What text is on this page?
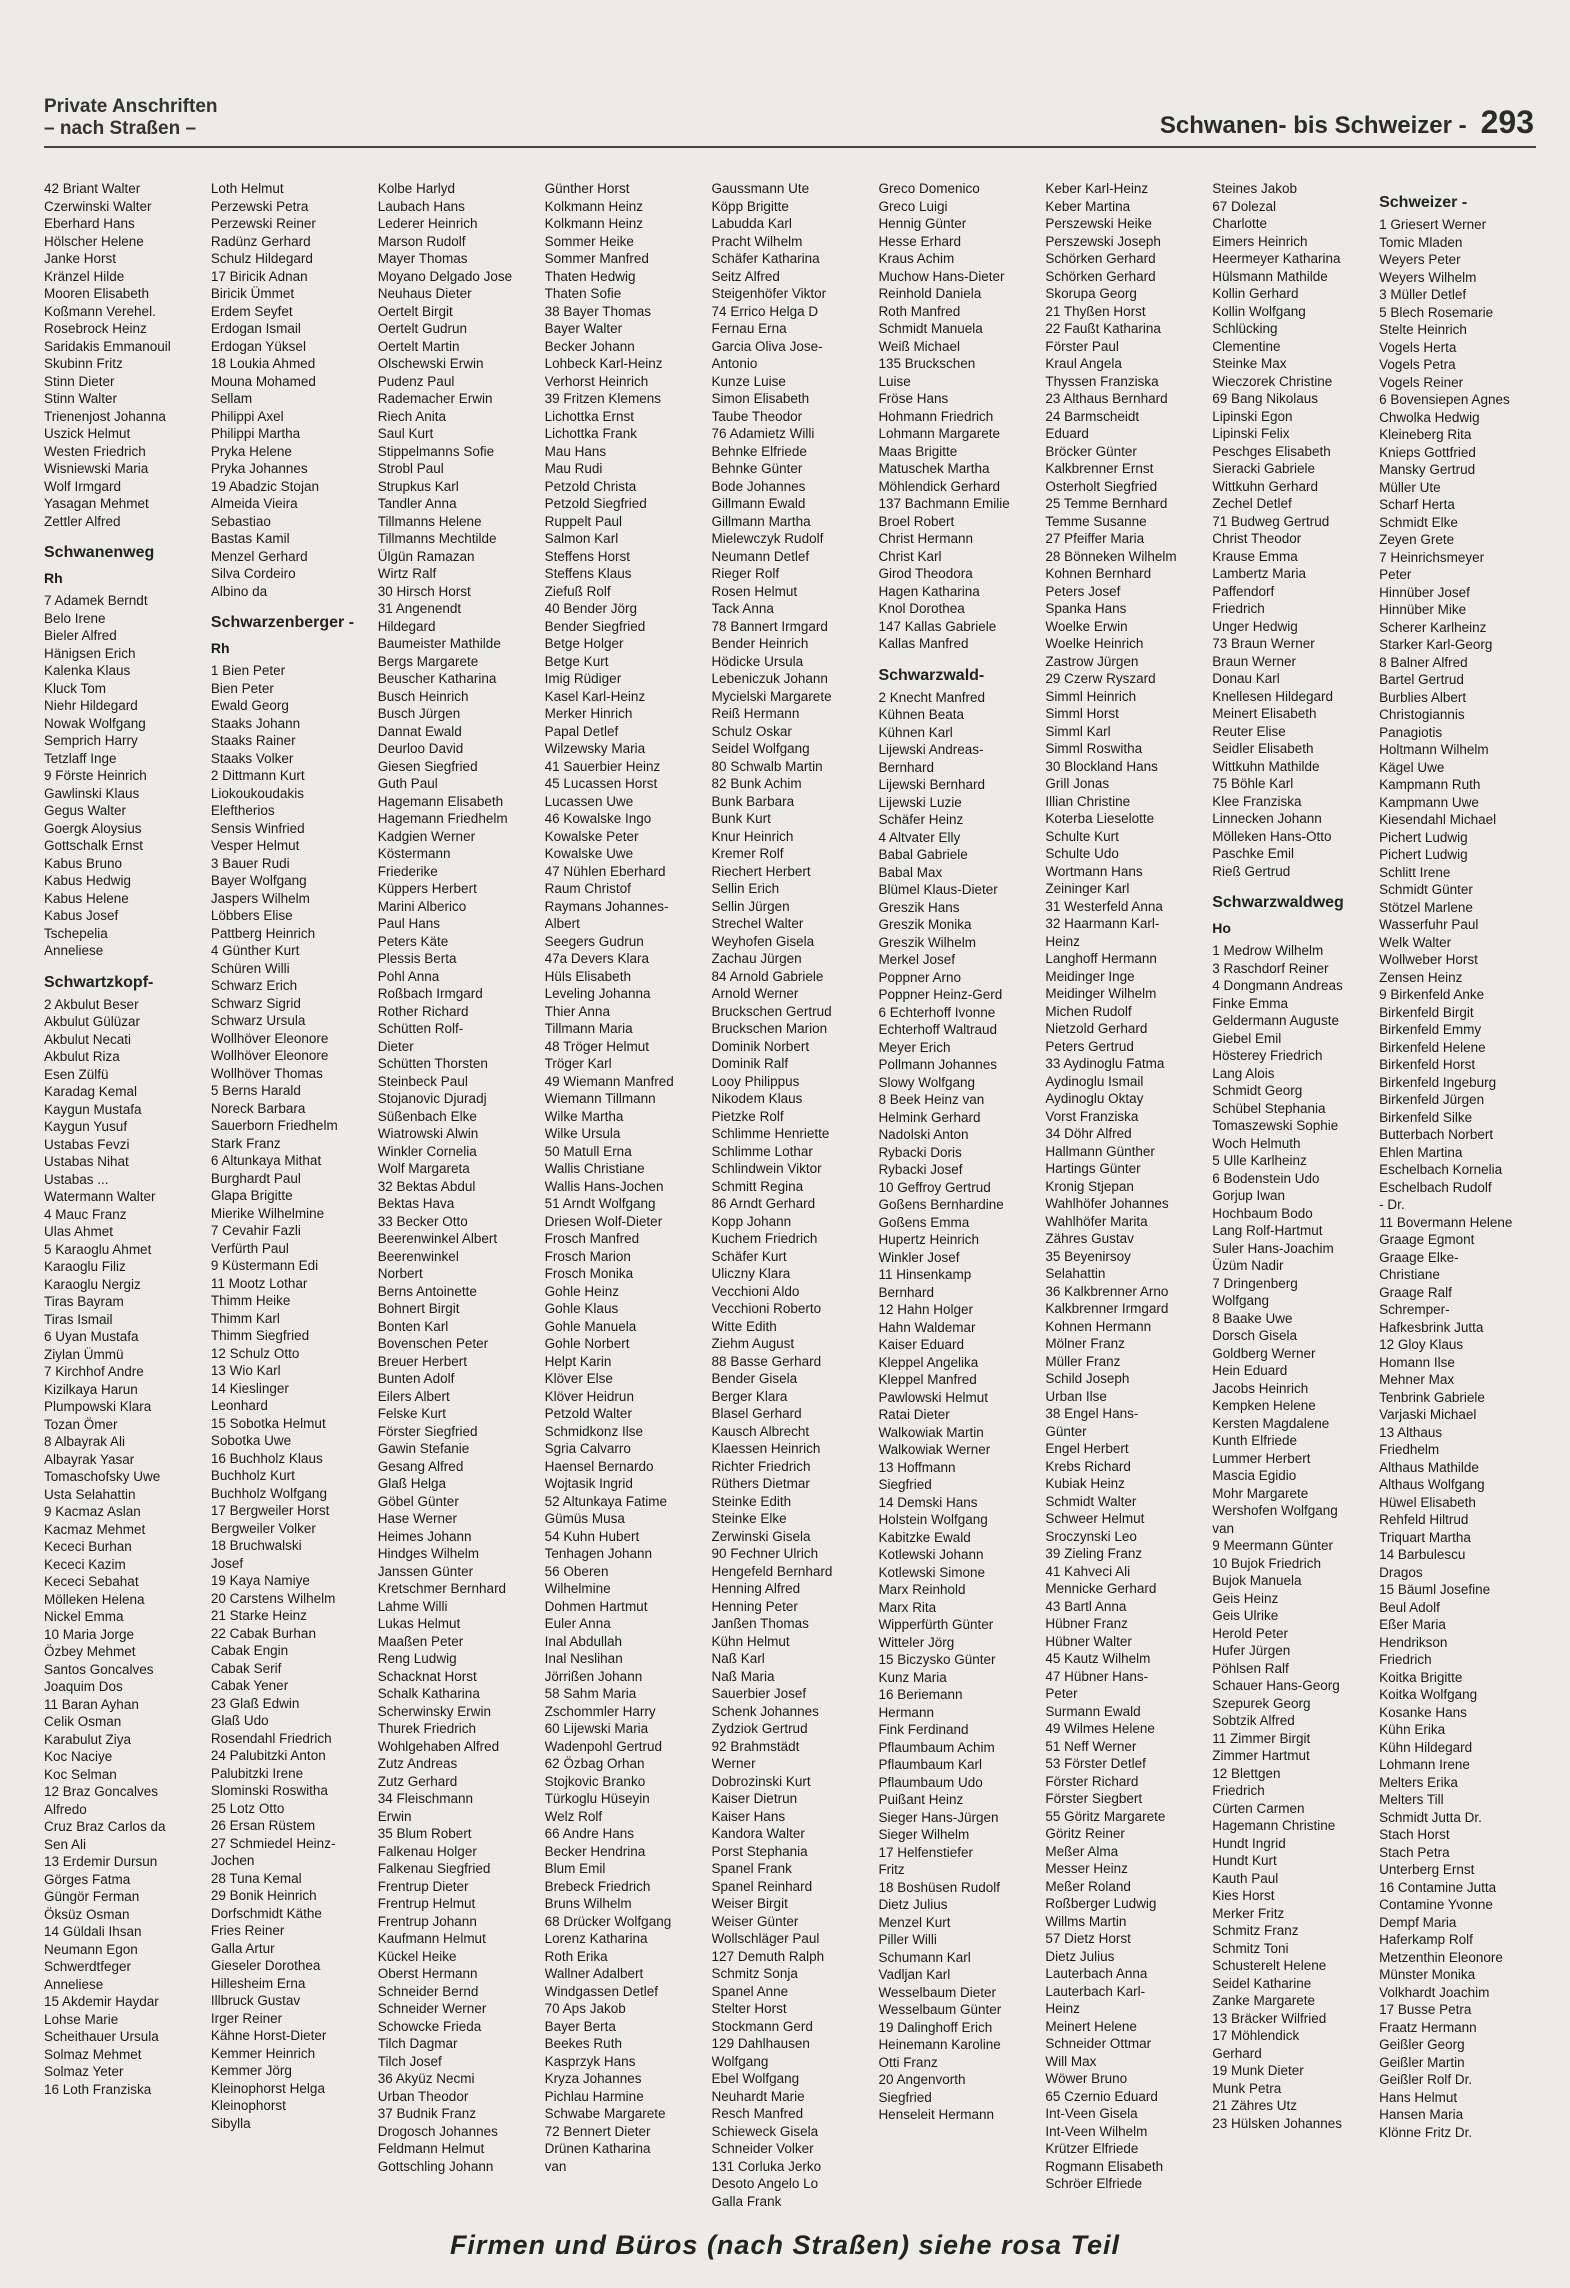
Private Anschriften
– nach Straßen –	Schwanen- bis Schweizer - 293
42 Briant Walter
Czerwinski Walter
Eberhard Hans
Hölscher Helene
Janke Horst
Kränzel Hilde
Mooren Elisabeth
Koßmann Verehel.
Rosebrock Heinz
Saridakis Emmanouil
Skubinn Fritz
Stinn Dieter
Stinn Walter
Trienenjost Johanna
Uszick Helmut
Westen Friedrich
Wisniewski Maria
Wolf Irmgard
Yasagan Mehmet
Zettler Alfred
Schwanenweg
Rh
7 Adamek Berndt
Belo Irene
Bieler Alfred
Hänigsen Erich
Kalenka Klaus
Kluck Tom
Niehr Hildegard
Nowak Wolfgang
Semprich Harry
Tetzlaff Inge
9 Förste Heinrich
Gawlinski Klaus
Gegus Walter
Goergk Aloysius
Gottschalk Ernst
Kabus Bruno
Kabus Hedwig
Kabus Helene
Kabus Josef
Tschepelia
Anneliese
Schwartzkopf-
2 Akbulut Beser
Akbulut Gülüzar
Akbulut Necati
Akbulut Riza
Esen Zülfü
Karadag Kemal
Kaygun Mustafa
Kaygun Yusuf
Ustabas Fevzi
Ustabas Nihat
Ustabas ...
Watermann Walter
4 Mauc Franz
Ulas Ahmet
5 Karaoglu Ahmet
Karaoglu Filiz
Karaoglu Nergiz
Tiras Bayram
Tiras Ismail
6 Uyan Mustafa
Ziylan Ümmü
7 Kirchhof Andre
Kizilkaya Harun
Plumpowski Klara
Tozan Ömer
8 Albayrak Ali
Albayrak Yasar
Tomaschofsky Uwe
Usta Selahattin
9 Kacmaz Aslan
Kacmaz Mehmet
Kececi Burhan
Kececi Kazim
Kececi Sebahat
Mölleken Helena
Nickel Emma
10 Maria Jorge
Özbey Mehmet
Santos Goncalves
Joaquim Dos
11 Baran Ayhan
Celik Osman
Karabulut Ziya
Koc Naciye
Koc Selman
12 Braz Goncalves
Alfredo
Cruz Braz Carlos da
Sen Ali
13 Erdemir Dursun
Görges Fatma
Güngör Ferman
Öksüz Osman
14 Güldali Ihsan
Neumann Egon
Schwerdtfeger
Anneliese
15 Akdemir Haydar
Lohse Marie
Scheithauer Ursula
Solmaz Mehmet
Solmaz Yeter
16 Loth Franziska
Loth Helmut
Perzewski Petra
Perzewski Reiner
Radünz Gerhard
Schulz Hildegard
17 Biricik Adnan
Biricik Ümmet
Erdem Seyfet
Erdogan Ismail
Erdogan Yüksel
18 Loukia Ahmed
Mouna Mohamed
Sellam
Philippi Axel
Philippi Martha
Pryka Helene
Pryka Johannes
19 Abadzic Stojan
Almeida Vieira
Sebastiao
Bastas Kamil
Menzel Gerhard
Silva Cordeiro
Albino da
Schwarzenberger -
Rh
1 Bien Peter
Bien Peter
Ewald Georg
Staaks Johann
Staaks Rainer
Staaks Volker
2 Dittmann Kurt
Liokoukoudakis
Eleftherios
Sensis Winfried
Vesper Helmut
3 Bauer Rudi
Bayer Wolfgang
Jaspers Wilhelm
Löbbers Elise
Pattberg Heinrich
4 Günther Kurt
Schüren Willi
Schwarz Erich
Schwarz Sigrid
Schwarz Ursula
Wollhöver Eleonore
Wollhöver Eleonore
Wollhöver Thomas
5 Berns Harald
Noreck Barbara
Sauerborn Friedhelm
Stark Franz
6 Altunkaya Mithat
Burghardt Paul
Glapa Brigitte
Mierike Wilhelmine
7 Cevahir Fazli
Verfürth Paul
9 Küstermann Edi
11 Mootz Lothar
Thimm Heike
Thimm Karl
Thimm Siegfried
12 Schulz Otto
13 Wio Karl
14 Kieslinger
Leonhard
15 Sobotka Helmut
Sobotka Uwe
16 Buchholz Klaus
Buchholz Kurt
Buchholz Wolfgang
17 Bergweiler Horst
Bergweiler Volker
18 Bruchwalski
Josef
19 Kaya Namiye
20 Carstens Wilhelm
21 Starke Heinz
22 Cabak Burhan
Cabak Engin
Cabak Serif
Cabak Yener
23 Glaß Edwin
Glaß Udo
Rosendahl Friedrich
24 Palubitzki Anton
Palubitzki Irene
Slominski Roswitha
25 Lotz Otto
26 Ersan Rüstem
27 Schmiedel Heinz-
Jochen
28 Tuna Kemal
29 Bonik Heinrich
Dorfschmidt Käthe
Fries Reiner
Galla Artur
Gieseler Dorothea
Hillesheim Erna
Illbruck Gustav
Irger Reiner
Kähne Horst-Dieter
Kemmer Heinrich
Kemmer Jörg
Kleinophorst Helga
Kleinophorst
Sibylla
Kolbe Harlyd
Laubach Hans
Lederer Heinrich
Marson Rudolf
Mayer Thomas
Moyano Delgado Jose
Neuhaus Dieter
Oertelt Birgit
Oertelt Gudrun
Oertelt Martin
Olschewski Erwin
Pudenz Paul
Rademacher Erwin
Riech Anita
Saul Kurt
Stippelmanns Sofie
Strobl Paul
Strupkus Karl
Tandler Anna
Tillmanns Helene
Tillmanns Mechtilde
Ülgün Ramazan
Wirtz Ralf
30 Hirsch Horst
31 Angenendt
Hildegard
Baumeister Mathilde
Bergs Margarete
Beuscher Katharina
Busch Heinrich
Busch Jürgen
Dannat Ewald
Deurloo David
Giesen Siegfried
Guth Paul
Hagemann Elisabeth
Hagemann Friedhelm
Kadgien Werner
Köstermann
Friederike
Küppers Herbert
Marini Alberico
Paul Hans
Peters Käte
Plessis Berta
Pohl Anna
Roßbach Irmgard
Rother Richard
Schütten Rolf-
Dieter
Schütten Thorsten
Steinbeck Paul
Stojanovic Djuradj
Süßenbach Elke
Wiatrowski Alwin
Winkler Cornelia
Wolf Margareta
32 Bektas Abdul
Bektas Hava
33 Becker Otto
Beerenwinkel Albert
Beerenwinkel
Norbert
Berns Antoinette
Bohnert Birgit
Bonten Karl
Bovenschen Peter
Breuer Herbert
Bunten Adolf
Eilers Albert
Felske Kurt
Förster Siegfried
Gawin Stefanie
Gesang Alfred
Glaß Helga
Göbel Günter
Hase Werner
Heimes Johann
Hindges Wilhelm
Janssen Günter
Kretschmer Bernhard
Lahme Willi
Lukas Helmut
Maaßen Peter
Reng Ludwig
Schacknat Horst
Schalk Katharina
Scherwinsky Erwin
Thurek Friedrich
Wohlgehaben Alfred
Zutz Andreas
Zutz Gerhard
34 Fleischmann
Erwin
35 Blum Robert
Falkenau Holger
Falkenau Siegfried
Frentrup Dieter
Frentrup Helmut
Frentrup Johann
Kaufmann Helmut
Kückel Heike
Oberst Hermann
Schneider Bernd
Schneider Werner
Schowcke Frieda
Tilch Dagmar
Tilch Josef
36 Akyüz Necmi
Urban Theodor
37 Budnik Franz
Drogosch Johannes
Feldmann Helmut
Gottschling Johann
Günther Horst
Kolkmann Heinz
Kolkmann Heinz
Sommer Heike
Sommer Manfred
Thaten Hedwig
Thaten Sofie
38 Bayer Thomas
Bayer Walter
Becker Johann
Lohbeck Karl-Heinz
Verhorst Heinrich
39 Fritzen Klemens
Lichottka Ernst
Lichottka Frank
Mau Hans
Mau Rudi
Petzold Christa
Petzold Siegfried
Ruppelt Paul
Salmon Karl
Steffens Horst
Steffens Klaus
Ziefuß Rolf
40 Bender Jörg
Bender Siegfried
Betge Holger
Betge Kurt
Imig Rüdiger
Kasel Karl-Heinz
Merker Hinrich
Papal Detlef
Wilzewsky Maria
41 Sauerbier Heinz
45 Lucassen Horst
Lucassen Uwe
46 Kowalske Ingo
Kowalske Peter
Kowalske Uwe
47 Nühlen Eberhard
Raum Christof
Raymans Johannes-
Albert
Seegers Gudrun
47a Devers Klara
Hüls Elisabeth
Leveling Johanna
Thier Anna
Tillmann Maria
48 Tröger Helmut
Tröger Karl
49 Wiemann Manfred
Wiemann Tillmann
Wilke Martha
Wilke Ursula
50 Matull Erna
Wallis Christiane
Wallis Hans-Jochen
51 Arndt Wolfgang
Driesen Wolf-Dieter
Frosch Manfred
Frosch Marion
Frosch Monika
Gohle Heinz
Gohle Klaus
Gohle Manuela
Gohle Norbert
Helpt Karin
Klöver Else
Klöver Heidrun
Petzold Walter
Schmidkonz Ilse
Sgria Calvarro
Haensel Bernardo
Wojtasik Ingrid
52 Altunkaya Fatime
Gümüs Musa
54 Kuhn Hubert
Tenhagen Johann
56 Oberen
Wilhelmine
Dohmen Hartmut
Euler Anna
Inal Abdullah
Inal Neslihan
Jörrißen Johann
58 Sahm Maria
Zschommler Harry
60 Lijewski Maria
Wadenpohl Gertrud
62 Özbag Orhan
Stojkovic Branko
Türkoglu Hüseyin
Welz Rolf
66 Andre Hans
Becker Hendrina
Blum Emil
Brebeck Friedrich
Bruns Wilhelm
68 Drücker Wolfgang
Lorenz Katharina
Roth Erika
Wallner Adalbert
Windgassen Detlef
70 Aps Jakob
Bayer Berta
Beekes Ruth
Kasprzyk Hans
Kryza Johannes
Pichlau Harmine
Schwabe Margarete
72 Bennert Dieter
Drünen Katharina
van
Gaussmann Ute
Köpp Brigitte
Labudda Karl
Pracht Wilhelm
Schäfer Katharina
Seitz Alfred
Steigenhöfer Viktor
74 Errico Helga D
Fernau Erna
Garcia Oliva Jose-
Antonio
Kunze Luise
Simon Elisabeth
Taube Theodor
76 Adamietz Willi
Behnke Elfriede
Behnke Günter
Bode Johannes
Gillmann Ewald
Gillmann Martha
Mielewczyk Rudolf
Neumann Detlef
Rieger Rolf
Rosen Helmut
Tack Anna
78 Bannert Irmgard
Bender Heinrich
Hödicke Ursula
Lebeniczuk Johann
Mycielski Margarete
Reiß Hermann
Schulz Oskar
Seidel Wolfgang
80 Schwalb Martin
82 Bunk Achim
Bunk Barbara
Bunk Kurt
Knur Heinrich
Kremer Rolf
Riechert Herbert
Sellin Erich
Sellin Jürgen
Strechel Walter
Weyhofen Gisela
Zachau Jürgen
84 Arnold Gabriele
Arnold Werner
Bruckschen Gertrud
Bruckschen Marion
Dominik Norbert
Dominik Ralf
Looy Philippus
Nikodem Klaus
Pietzke Rolf
Schlimme Henriette
Schlimme Lothar
Schlindwein Viktor
Schmitt Regina
86 Arndt Gerhard
Kopp Johann
Kuchem Friedrich
Schäfer Kurt
Uliczny Klara
Vecchioni Aldo
Vecchioni Roberto
Witte Edith
Ziehm August
88 Basse Gerhard
Bender Gisela
Berger Klara
Blasel Gerhard
Kausch Albrecht
Klaessen Heinrich
Richter Friedrich
Rüthers Dietmar
Steinke Edith
Steinke Elke
Zerwinski Gisela
90 Fechner Ulrich
Hengefeld Bernhard
Henning Alfred
Henning Peter
Janßen Thomas
Kühn Helmut
Naß Karl
Naß Maria
Sauerbier Josef
Schenk Johannes
Zydziok Gertrud
92 Brahmstädt
Werner
Dobrozinski Kurt
Kaiser Dietrun
Kaiser Hans
Kandora Walter
Porst Stephania
Spanel Frank
Spanel Reinhard
Weiser Birgit
Weiser Günter
Wollschläger Paul
127 Demuth Ralph
Schmitz Sonja
Spanel Anne
Stelter Horst
Stockmann Gerd
129 Dahlhausen
Wolfgang
Ebel Wolfgang
Neuhardt Marie
Resch Manfred
Schieweck Gisela
Schneider Volker
131 Corluka Jerko
Desoto Angelo Lo
Galla Frank
Greco Domenico
Greco Luigi
Hennig Günter
Hesse Erhard
Kraus Achim
Muchow Hans-Dieter
Reinhold Daniela
Roth Manfred
Schmidt Manuela
Weiß Michael
135 Bruckschen
Luise
Fröse Hans
Hohmann Friedrich
Lohmann Margarete
Maas Brigitte
Matuschek Martha
Möhlendick Gerhard
137 Bachmann Emilie
Broel Robert
Christ Hermann
Christ Karl
Girod Theodora
Hagen Katharina
Knol Dorothea
147 Kallas Gabriele
Kallas Manfred
Schwarzwald-
2 Knecht Manfred
Kühnen Beata
Kühnen Karl
Lijewski Andreas-
Bernhard
Lijewski Bernhard
Lijewski Luzie
Schäfer Heinz
4 Altvater Elly
Babal Gabriele
Babal Max
Blümel Klaus-Dieter
Greszik Hans
Greszik Monika
Greszik Wilhelm
Merkel Josef
Poppner Arno
Poppner Heinz-Gerd
6 Echterhoff Ivonne
Echterhoff Waltraud
Meyer Erich
Pollmann Johannes
Slowy Wolfgang
8 Beek Heinz van
Helmink Gerhard
Nadolski Anton
Rybacki Doris
Rybacki Josef
10 Geffroy Gertrud
Goßens Bernhardine
Goßens Emma
Hupertz Heinrich
Winkler Josef
11 Hinsenkamp
Bernhard
12 Hahn Holger
Hahn Waldemar
Kaiser Eduard
Kleppel Angelika
Kleppel Manfred
Pawlowski Helmut
Ratai Dieter
Walkowiak Martin
Walkowiak Werner
13 Hoffmann
Siegfried
14 Demski Hans
Holstein Wolfgang
Kabitzke Ewald
Kotlewski Johann
Kotlewski Simone
Marx Reinhold
Marx Rita
Wipperfürth Günter
Witteler Jörg
15 Biczysko Günter
Kunz Maria
16 Beriemann
Hermann
Fink Ferdinand
Pflaumbaum Achim
Pflaumbaum Karl
Pflaumbaum Udo
Puißant Heinz
Sieger Hans-Jürgen
Sieger Wilhelm
17 Helfenstiefer
Fritz
18 Boshüsen Rudolf
Dietz Julius
Menzel Kurt
Piller Willi
Schumann Karl
Vadljan Karl
Wesselbaum Dieter
Wesselbaum Günter
19 Dalinghoff Erich
Heinemann Karoline
Otti Franz
20 Angenvorth
Siegfried
Henseleit Hermann
Keber Karl-Heinz
Keber Martina
Perszewski Heike
Perszewski Joseph
Schörken Gerhard
Schörken Gerhard
Skorupa Georg
21 Thyßen Horst
22 Faußt Katharina
Förster Paul
Kraul Angela
Thyssen Franziska
23 Althaus Bernhard
24 Barmscheidt
Eduard
Bröcker Günter
Kalkbrenner Ernst
Osterholt Siegfried
25 Temme Bernhard
Temme Susanne
27 Pfeiffer Maria
28 Bönneken Wilhelm
Kohnen Bernhard
Peters Josef
Spanka Hans
Woelke Erwin
Woelke Heinrich
Zastrow Jürgen
29 Czerw Ryszard
Simml Heinrich
Simml Horst
Simml Karl
Simml Roswitha
30 Blockland Hans
Grill Jonas
Illian Christine
Koterba Lieselotte
Schulte Kurt
Schulte Udo
Wortmann Hans
Zeininger Karl
31 Westerfeld Anna
32 Haarmann Karl-
Heinz
Langhoff Hermann
Meidinger Inge
Meidinger Wilhelm
Michen Rudolf
Nietzold Gerhard
Peters Gertrud
33 Aydinoglu Fatma
Aydinoglu Ismail
Aydinoglu Oktay
Vorst Franziska
34 Döhr Alfred
Hallmann Günther
Hartings Günter
Kronig Stjepan
Wahlhöfer Johannes
Wahlhöfer Marita
Zähres Gustav
35 Beyenirsoy
Selahattin
36 Kalkbrenner Arno
Kalkbrenner Irmgard
Kohnen Hermann
Mölner Franz
Müller Franz
Schild Joseph
Urban Ilse
38 Engel Hans-
Günter
Engel Herbert
Krebs Richard
Kubiak Heinz
Schmidt Walter
Schweer Helmut
Sroczynski Leo
39 Zieling Franz
41 Kahveci Ali
Mennicke Gerhard
43 Bartl Anna
Hübner Franz
Hübner Walter
45 Kautz Wilhelm
47 Hübner Hans-
Peter
Surmann Ewald
49 Wilmes Helene
51 Neff Werner
53 Förster Detlef
Förster Richard
Förster Siegbert
55 Göritz Margarete
Göritz Reiner
Meßer Alma
Messer Heinz
Meßer Roland
Roßberger Ludwig
Willms Martin
57 Dietz Horst
Dietz Julius
Lauterbach Anna
Lauterbach Karl-
Heinz
Meinert Helene
Schneider Ottmar
Will Max
Wöwer Bruno
65 Czernio Eduard
Int-Veen Gisela
Int-Veen Wilhelm
Krützer Elfriede
Rogmann Elisabeth
Schröer Elfriede
Steines Jakob
67 Dolezal
Charlotte
Eimers Heinrich
Heermeyer Katharina
Hülsmann Mathilde
Kollin Gerhard
Kollin Wolfgang
Schlücking
Clementine
Steinke Max
Wieczorek Christine
69 Bang Nikolaus
Lipinski Egon
Lipinski Felix
Peschges Elisabeth
Sieracki Gabriele
Wittkuhn Gerhard
Zechel Detlef
71 Budweg Gertrud
Christ Theodor
Krause Emma
Lambertz Maria
Paffendorf
Friedrich
Unger Hedwig
73 Braun Werner
Braun Werner
Donau Karl
Knellesen Hildegard
Meinert Elisabeth
Reuter Elise
Seidler Elisabeth
Wittkuhn Mathilde
75 Böhle Karl
Klee Franziska
Linnecken Johann
Mölleken Hans-Otto
Paschke Emil
Rieß Gertrud
Schwarzwaldweg
Ho
1 Medrow Wilhelm
3 Raschdorf Reiner
4 Dongmann Andreas
Finke Emma
Geldermann Auguste
Giebel Emil
Hösterey Friedrich
Lang Alois
Schmidt Georg
Schübel Stephania
Tomaszewski Sophie
Woch Helmuth
5 Ulle Karlheinz
6 Bodenstein Udo
Gorjup Iwan
Hochbaum Bodo
Lang Rolf-Hartmut
Suler Hans-Joachim
Üzüm Nadir
7 Dringenberg
Wolfgang
8 Baake Uwe
Dorsch Gisela
Goldberg Werner
Hein Eduard
Jacobs Heinrich
Kempken Helene
Kersten Magdalene
Kunth Elfriede
Lummer Herbert
Mascia Egidio
Mohr Margarete
Wershofen Wolfgang
van
9 Meermann Günter
10 Bujok Friedrich
Bujok Manuela
Geis Heinz
Geis Ulrike
Herold Peter
Hufer Jürgen
Pöhlsen Ralf
Schauer Hans-Georg
Szepurek Georg
Sobtzik Alfred
11 Zimmer Birgit
Zimmer Hartmut
12 Blettgen
Friedrich
Cürten Carmen
Hagemann Christine
Hundt Ingrid
Hundt Kurt
Kauth Paul
Kies Horst
Merker Fritz
Schmitz Franz
Schmitz Toni
Schusterelt Helene
Seidel Katharine
Zanke Margarete
13 Bräcker Wilfried
17 Möhlendick
Gerhard
19 Munk Dieter
Munk Petra
21 Zähres Utz
23 Hülsken Johannes
Schweizer -
1 Griesert Werner
Tomic Mladen
Weyers Peter
Weyers Wilhelm
3 Müller Detlef
5 Blech Rosemarie
Stelte Heinrich
Vogels Herta
Vogels Petra
Vogels Reiner
6 Bovensiepen Agnes
Chwolka Hedwig
Kleineberg Rita
Knieps Gottfried
Mansky Gertrud
Müller Ute
Scharf Herta
Schmidt Elke
Zeyen Grete
7 Heinrichsmeyer
Peter
Hinnüber Josef
Hinnüber Mike
Scherer Karlheinz
Starker Karl-Georg
8 Balner Alfred
Bartel Gertrud
Burblies Albert
Christogiannis
Panagiotis
Holtmann Wilhelm
Kägel Uwe
Kampmann Ruth
Kampmann Uwe
Kiesendahl Michael
Pichert Ludwig
Pichert Ludwig
Schlitt Irene
Schmidt Günter
Stötzel Marlene
Wasserfuhr Paul
Welk Walter
Wollweber Horst
Zensen Heinz
9 Birkenfeld Anke
Birkenfeld Birgit
Birkenfeld Emmy
Birkenfeld Helene
Birkenfeld Horst
Birkenfeld Ingeburg
Birkenfeld Jürgen
Birkenfeld Silke
Butterbach Norbert
Ehlen Martina
Eschelbach Kornelia
Eschelbach Rudolf
- Dr.
11 Bovermann Helene
Graage Egmont
Graage Elke-
Christiane
Graage Ralf
Schremper-
Hafkesbrink Jutta
12 Gloy Klaus
Homann Ilse
Mehner Max
Tenbrink Gabriele
Varjaski Michael
13 Althaus
Friedhelm
Althaus Mathilde
Althaus Wolfgang
Hüwel Elisabeth
Rehfeld Hiltrud
Triquart Martha
14 Barbulescu
Dragos
15 Bäuml Josefine
Beul Adolf
Eßer Maria
Hendrikson
Friedrich
Koitka Brigitte
Koitka Wolfgang
Kosanke Hans
Kühn Erika
Kühn Hildegard
Lohmann Irene
Melters Erika
Melters Till
Schmidt Jutta Dr.
Stach Horst
Stach Petra
Unterberg Ernst
16 Contamine Jutta
Contamine Yvonne
Dempf Maria
Haferkamp Rolf
Metzenthin Eleonore
Münster Monika
Volkhardt Joachim
17 Busse Petra
Fraatz Hermann
Geißler Georg
Geißler Martin
Geißler Rolf Dr.
Hans Helmut
Hansen Maria
Klönne Fritz Dr.
Firmen und Büros (nach Straßen) siehe rosa Teil
